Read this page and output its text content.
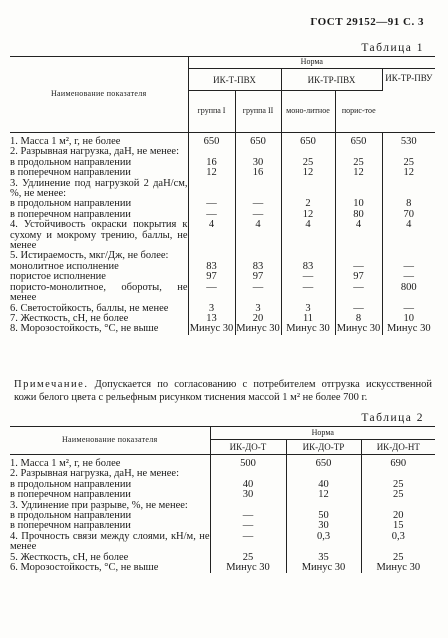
ГОСТ 29152—91 С. 3
Таблица 1
Наименование показателя	Норма				
	ИК-Т-ПВХ		ИК-ТР-ПВХ		ИК-ТР-ПВУ
	группа I	группа II	моно-литное	порис-тое	
1. Масса 1 м², г, не более	650	650	650	650	530
2. Разрывная нагрузка, даН, не менее:					
в продольном направлении	16	30	25	25	25
в поперечном направлении	12	16	12	12	12
3. Удлинение под нагрузкой 2 даН/см, %, не менее:					
в продольном направлении	—	—	2	10	8
в поперечном направлении	—	—	12	80	70
4. Устойчивость окраски покрытия к сухому и мокрому трению, баллы, не менее	4	4	4	4	4
5. Истираемость, мкг/Дж, не более:					
монолитное исполнение	83	83	83	—	—
пористое исполнение	97	97	—	97	—
пористо-монолитное, обороты, не менее	—	—	—	—	800
6. Светостойкость, баллы, не менее	3	3	3	—	—
7. Жесткость, сН, не более	13	20	11	8	10
8. Морозостойкость, °С, не выше	Минус 30	Минус 30	Минус 30	Минус 30	Минус 30
Примечание. Допускается по согласованию с потребителем отгрузка искусственной кожи белого цвета с рельефным рисунком тиснения массой 1 м² не более 700 г.
Таблица 2
Наименование показателя	Норма		
	ИК-ДО-Т	ИК-ДО-ТР	ИК-ДО-НТ
1. Масса 1 м², г, не более	500	650	690
2. Разрывная нагрузка, даН, не менее:			
в продольном направлении	40	40	25
в поперечном направлении	30	12	25
3. Удлинение при разрыве, %, не менее:			
в продольном направлении	—	50	20
в поперечном направлении	—	30	15
4. Прочность связи между слоями, кН/м, не менее	—	0,3	0,3
5. Жесткость, сН, не более	25	35	25
6. Морозостойкость, °С, не выше	Минус 30	Минус 30	Минус 30
